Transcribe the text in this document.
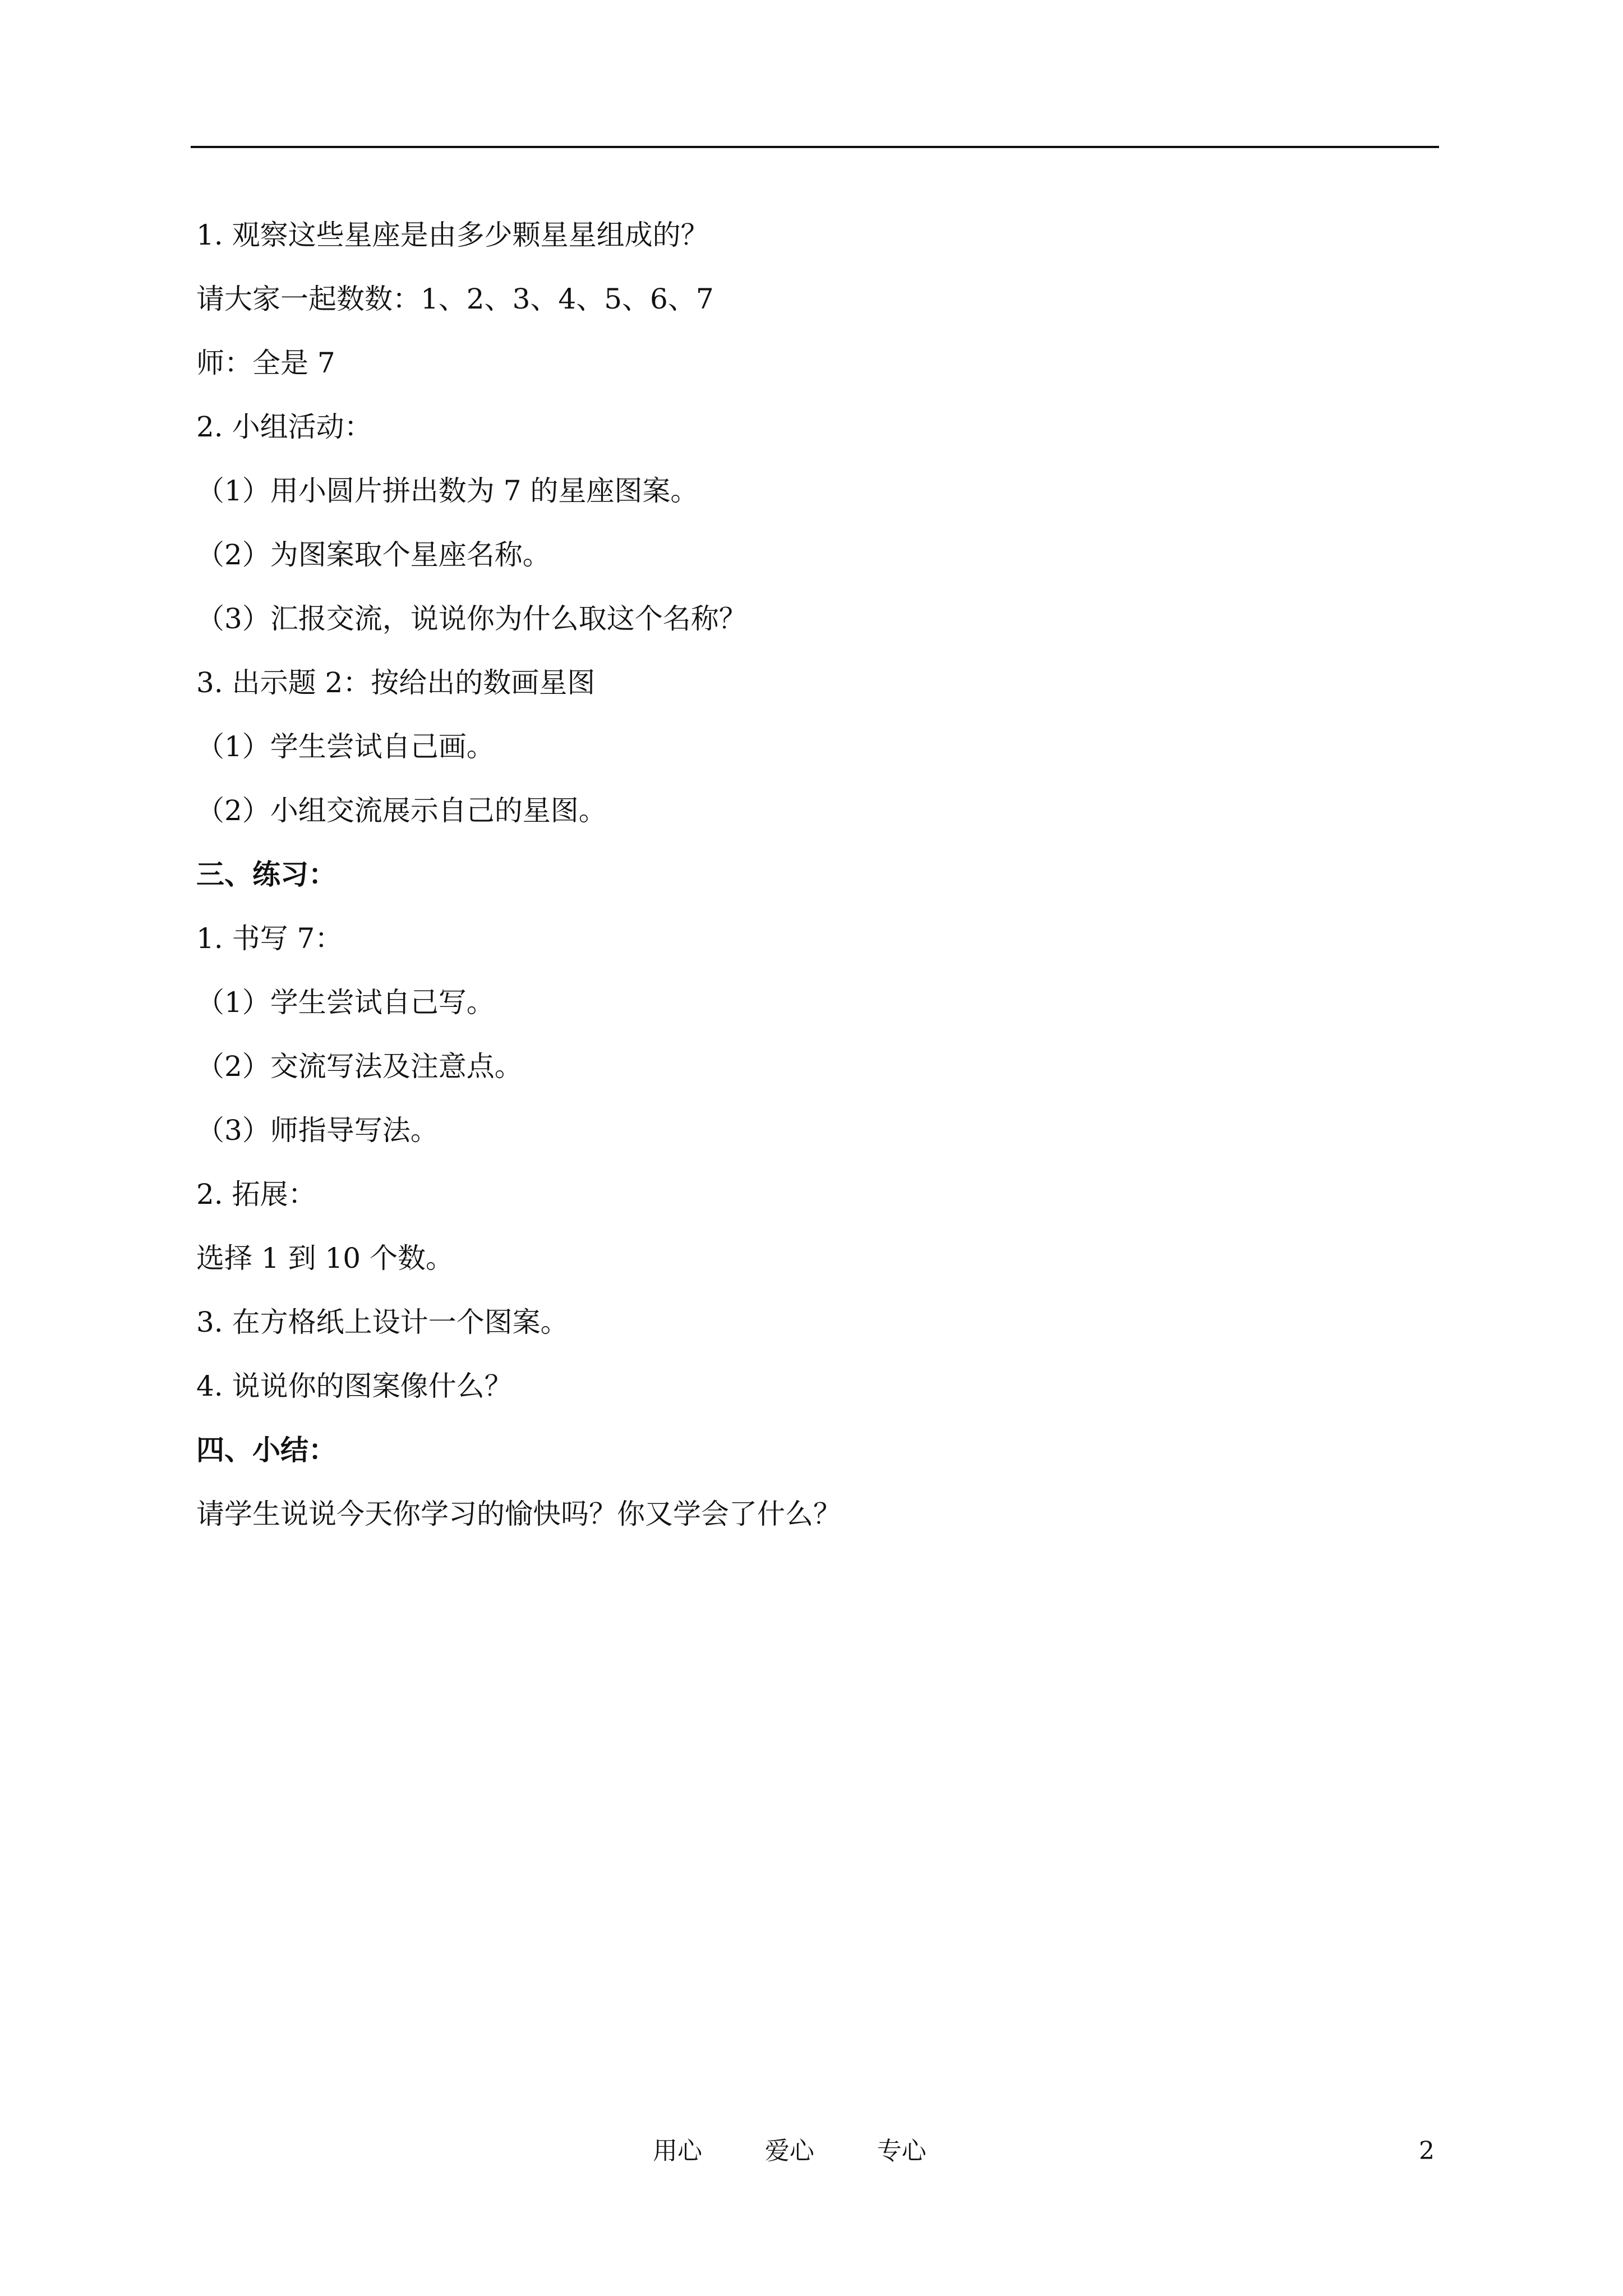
1. 观察这些星座是由多少颗星星组成的？
请大家一起数数：1、2、3、4、5、6、7
师：全是 7
2. 小组活动：
（1）用小圆片拼出数为 7 的星座图案。
（2）为图案取个星座名称。
（3）汇报交流，说说你为什么取这个名称？
3. 出示题 2：按给出的数画星图
（1）学生尝试自己画。
（2）小组交流展示自己的星图。
三、练习：
1. 书写 7：
（1）学生尝试自己写。
（2）交流写法及注意点。
（3）师指导写法。
2. 拓展：
选择 1 到 10 个数。
3. 在方格纸上设计一个图案。
4. 说说你的图案像什么？
四、小结：
请学生说说今天你学习的愉快吗？你又学会了什么？
用心        爱心        专心	2
